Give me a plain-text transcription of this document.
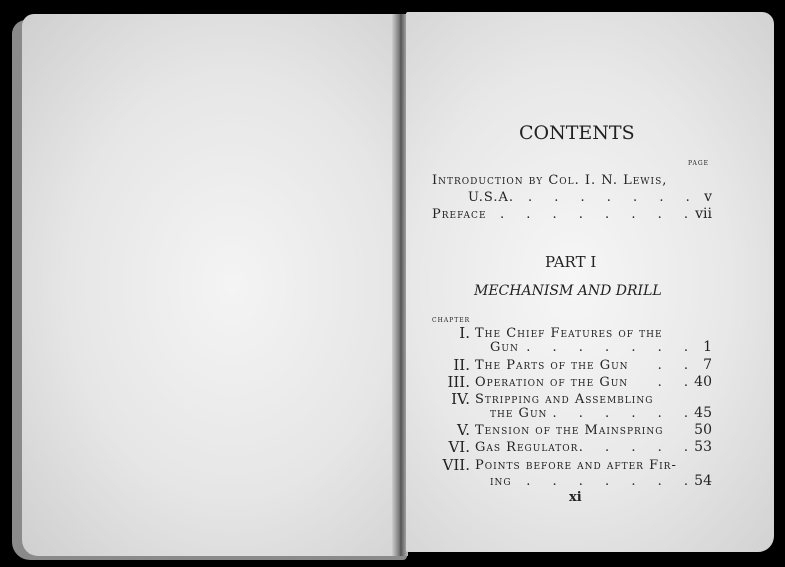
CONTENTS
PAGE
Introduction by Col. I. N. Lewis,
U.S.A. . . . . . . . v
Preface . . . . . . . .
vii
PART I
MECHANISM AND DRILL
CHAPTER
I. The Chief Features of the
Gun . . . . . . . 1
II. The Parts of the Gun . . 7
III. Operation of the Gun . .
40
IV. Stripping and Assembling
the Gun . . . . . .
45
V. Tension of the Mainspring 50
VI. Gas Regulator . . . . .
53
VII. Points before and after Fir-
ing . . . . . . .
54
xi
